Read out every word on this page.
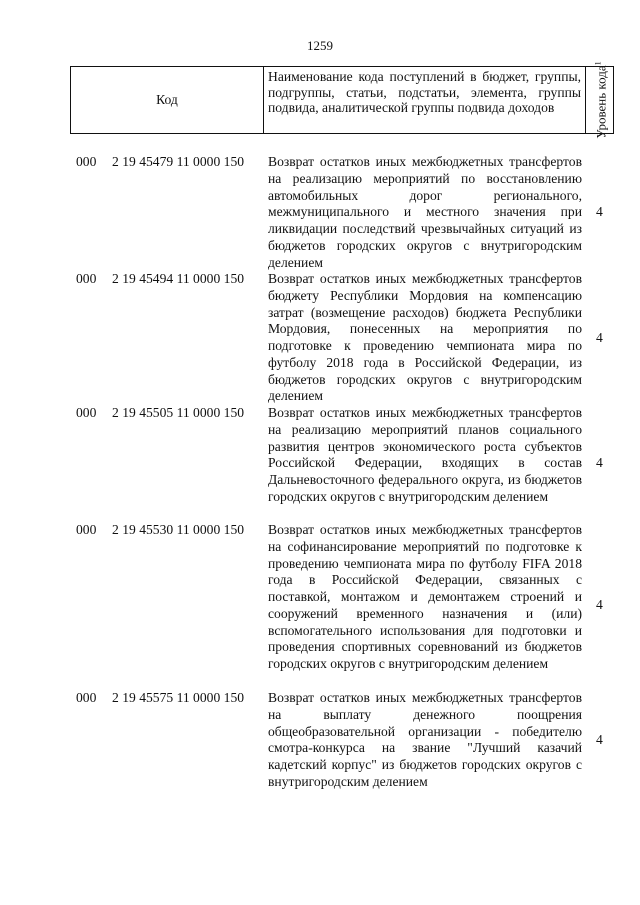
1259
Код
Наименование кода поступлений в бюджет, группы, подгруппы, статьи, подстатьи, элемента, группы подвида, аналитической группы подвида доходов	Уровень кода$^1$
000 2 19 45479 11 0000 150 Возврат остатков иных межбюджетных трансфертов на реализацию мероприятий по восстановлению автомобильных дорог регионального, межмуниципального и местного значения при ликвидации последствий чрезвычайных ситуаций из бюджетов городских округов с внутригородским делением
4
000 2 19 45494 11 0000 150 Возврат остатков иных межбюджетных трансфертов бюджету Республики Мордовия на компенсацию затрат (возмещение расходов) бюджета Республики Мордовия, понесенных на мероприятия по подготовке к проведению чемпионата мира по футболу 2018 года в Российской Федерации, из бюджетов городских округов с внутригородским делением
4
000 2 19 45505 11 0000 150 Возврат остатков иных межбюджетных трансфертов на реализацию мероприятий планов социального развития центров экономического роста субъектов Российской Федерации, входящих в состав Дальневосточного федерального округа, из бюджетов городских округов с внутригородским делением
4
000 2 19 45530 11 0000 150 Возврат остатков иных межбюджетных трансфертов на софинансирование мероприятий по подготовке к проведению чемпионата мира по футболу FIFA 2018 года в Российской Федерации, связанных с поставкой, монтажом и демонтажем строений и сооружений временного назначения и (или) вспомогательного использования для подготовки и проведения спортивных соревнований из бюджетов городских округов с внутригородским делением
4
000 2 19 45575 11 0000 150 Возврат остатков иных межбюджетных трансфертов на выплату денежного поощрения общеобразовательной организации - победителю смотра-конкурса на звание "Лучший казачий кадетский корпус" из бюджетов городских округов с внутригородским делением
4
